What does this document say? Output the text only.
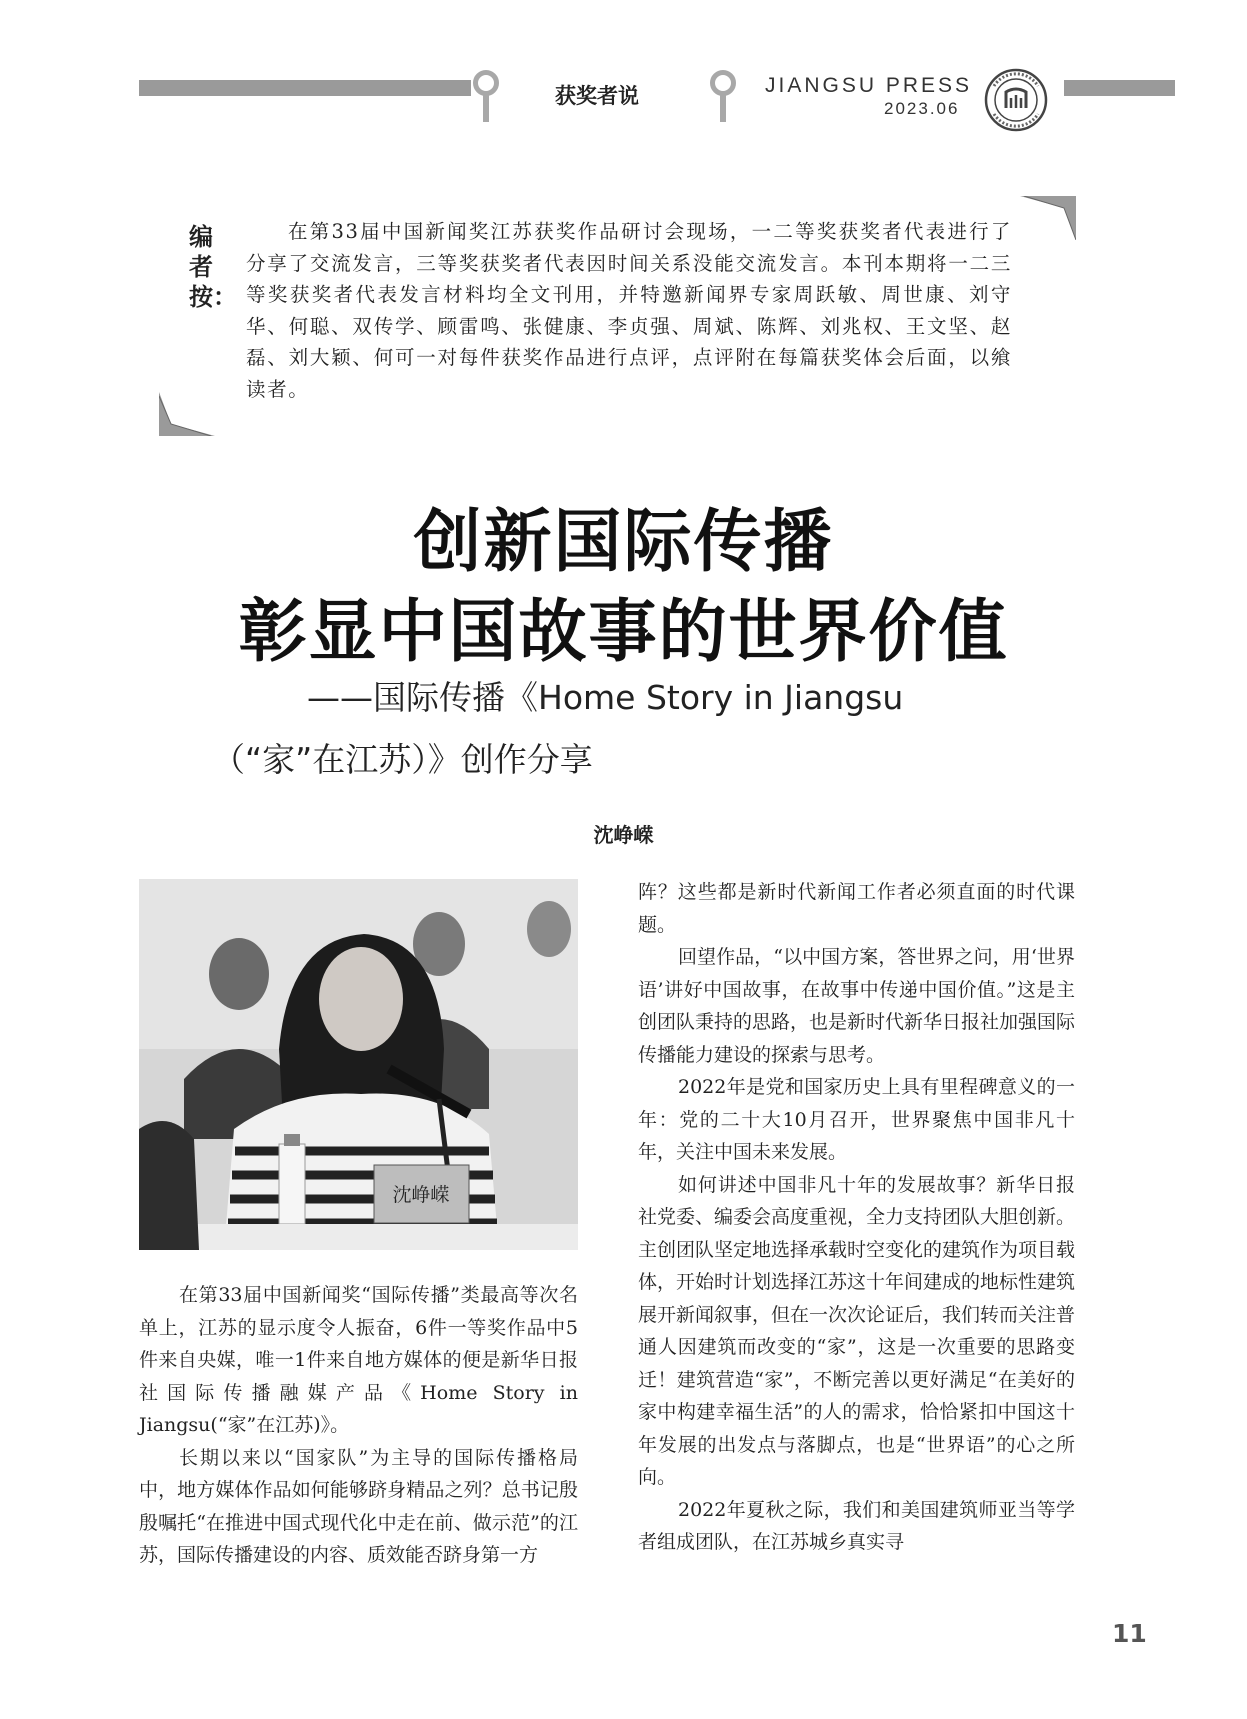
获奖者说	JIANGSU PRESS
2023.06
编者按：
在第33届中国新闻奖江苏获奖作品研讨会现场，一二等奖获奖者代表进行了分享了交流发言，三等奖获奖者代表因时间关系没能交流发言。本刊本期将一二三等奖获奖者代表发言材料均全文刊用，并特邀新闻界专家周跃敏、周世康、刘守华、何聪、双传学、顾雷鸣、张健康、李贞强、周斌、陈辉、刘兆权、王文坚、赵磊、刘大颖、何可一对每件获奖作品进行点评，点评附在每篇获奖体会后面，以飨读者。
创新国际传播
彰显中国故事的世界价值
——国际传播《Home Story in Jiangsu
（“家”在江苏）》创作分享
沈峥嵘
沈峥嵘

在第33届中国新闻奖“国际传播”类最高等次名单上，江苏的显示度令人振奋，6件一等奖作品中5件来自央媒，唯一1件来自地方媒体的便是新华日报社国际传播融媒产品《Home Story in Jiangsu(“家”在江苏)》。

长期以来以“国家队”为主导的国际传播格局中，地方媒体作品如何能够跻身精品之列？总书记殷殷嘱托“在推进中国式现代化中走在前、做示范”的江苏，国际传播建设的内容、质效能否跻身第一方

阵？这些都是新时代新闻工作者必须直面的时代课题。

回望作品，“以中国方案，答世界之问，用‘世界语’讲好中国故事，在故事中传递中国价值。”这是主创团队秉持的思路，也是新时代新华日报社加强国际传播能力建设的探索与思考。

2022年是党和国家历史上具有里程碑意义的一年：党的二十大10月召开，世界聚焦中国非凡十年，关注中国未来发展。

如何讲述中国非凡十年的发展故事？新华日报社党委、编委会高度重视，全力支持团队大胆创新。主创团队坚定地选择承载时空变化的建筑作为项目载体，开始时计划选择江苏这十年间建成的地标性建筑展开新闻叙事，但在一次次论证后，我们转而关注普通人因建筑而改变的“家”，这是一次重要的思路变迁！建筑营造“家”，不断完善以更好满足“在美好的家中构建幸福生活”的人的需求，恰恰紧扣中国这十年发展的出发点与落脚点，也是“世界语”的心之所向。

2022年夏秋之际，我们和美国建筑师亚当等学者组成团队，在江苏城乡真实寻

11
